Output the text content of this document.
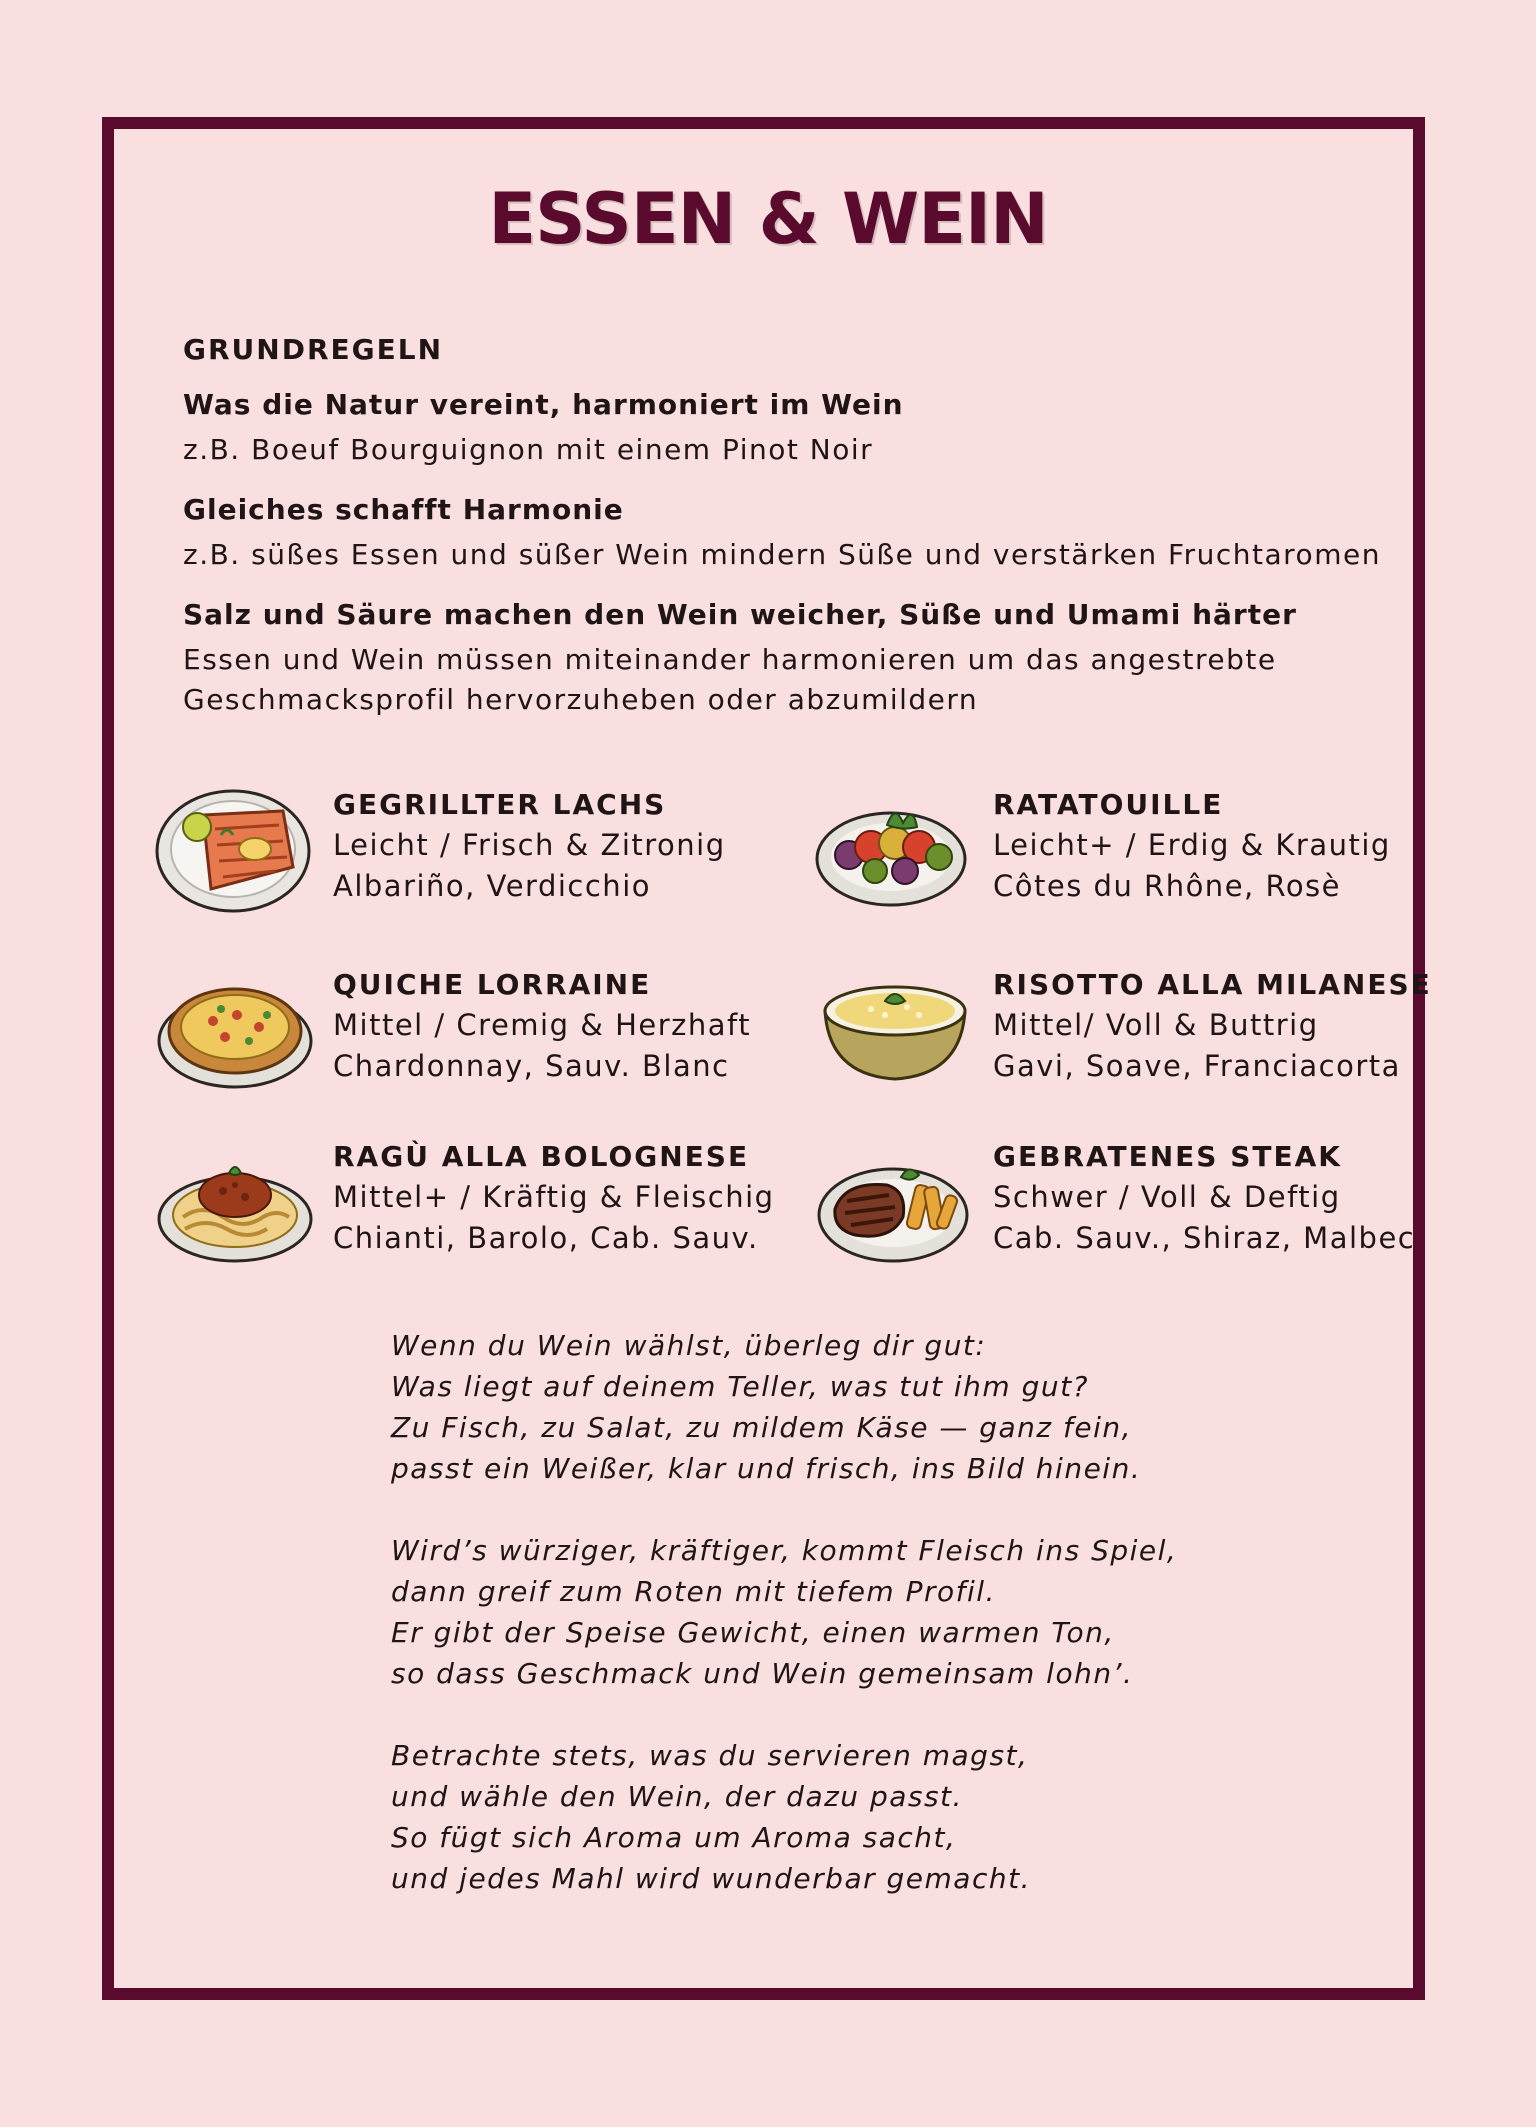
ESSEN & WEIN
GRUNDREGELN
Was die Natur vereint, harmoniert im Wein
z.B. Boeuf Bourguignon mit einem Pinot Noir
Gleiches schafft Harmonie
z.B. süßes Essen und süßer Wein mindern Süße und verstärken Fruchtaromen
Salz und Säure machen den Wein weicher, Süße und Umami härter
Essen und Wein müssen miteinander harmonieren um das angestrebte
Geschmacksprofil hervorzuheben oder abzumildern
GEGRILLTER LACHS
Leicht / Frisch & Zitronig
Albariño, Verdicchio
RATATOUILLE
Leicht+ / Erdig & Krautig
Côtes du Rhône, Rosè
QUICHE LORRAINE
Mittel / Cremig & Herzhaft
Chardonnay, Sauv. Blanc
RISOTTO ALLA MILANESE
Mittel/ Voll & Buttrig
Gavi, Soave, Franciacorta
RAGÙ ALLA BOLOGNESE
Mittel+ / Kräftig & Fleischig
Chianti, Barolo, Cab. Sauv.
GEBRATENES STEAK
Schwer / Voll & Deftig
Cab. Sauv., Shiraz, Malbec
Wenn du Wein wählst, überleg dir gut:
Was liegt auf deinem Teller, was tut ihm gut?
Zu Fisch, zu Salat, zu mildem Käse — ganz fein,
passt ein Weißer, klar und frisch, ins Bild hinein.
Wird’s würziger, kräftiger, kommt Fleisch ins Spiel,
dann greif zum Roten mit tiefem Profil.
Er gibt der Speise Gewicht, einen warmen Ton,
so dass Geschmack und Wein gemeinsam lohn’.
Betrachte stets, was du servieren magst,
und wähle den Wein, der dazu passt.
So fügt sich Aroma um Aroma sacht,
und jedes Mahl wird wunderbar gemacht.
